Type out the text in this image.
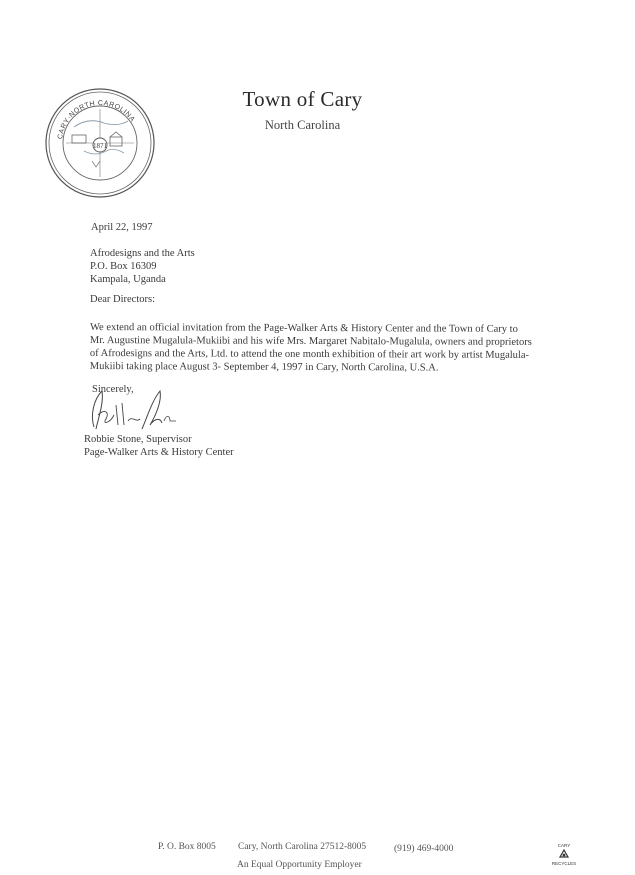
CARY·NORTH CAROLINA
1871
Town of Cary
North Carolina
April 22, 1997
Afrodesigns and the Arts
P.O. Box 16309
Kampala, Uganda
Dear Directors:
We extend an official invitation from the Page-Walker Arts & History Center and the Town of Cary to
Mr. Augustine Mugalula-Mukiibi and his wife Mrs. Margaret Nabitalo-Mugalula, owners and proprietors
of Afrodesigns and the Arts, Ltd. to attend the one month exhibition of their art work by artist Mugalula-
Mukiibi taking place August 3- September 4, 1997 in Cary, North Carolina, U.S.A.
Sincerely,
Robbie Stone, Supervisor
Page-Walker Arts & History Center
P. O. Box 8005 Cary, North Carolina 27512-8005	(919) 469-4000
An Equal Opportunity Employer
CARY
RECYCLES
